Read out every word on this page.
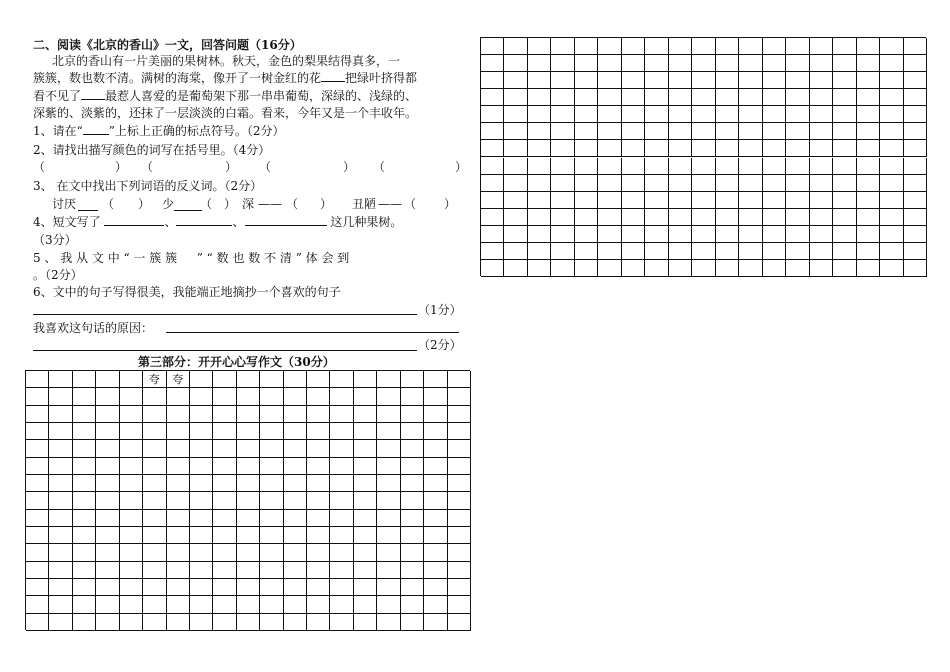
二、阅读《北京的香山》一文，回答问题（16分）
北京的香山有一片美丽的果树林。秋天，金色的梨果结得真多，一
簇簇，数也数不清。满树的海棠，像开了一树金红的花 把绿叶挤得都
看不见了 最惹人喜爱的是葡萄架下那一串串葡萄，深绿的、浅绿的、
深紫的、淡紫的，还抹了一层淡淡的白霜。看来，今年又是一个丰收年。
1、请在“ ”上标上正确的标点符号。（2分）
2、请找出描写颜色的词写在括号里。（4分）
（	） （	） （	） （	）
3、 在文中找出下列词语的反义词。（2分）
讨厌 （ ） 少 （ ） 深 —— （ ） 丑陋 —— （ ）
4、短文写了	、	、	这几种果树。
（3分）
5 、 我 从 文 中 “ 一 簇 簇 　 ” “ 数 也 数 不 清 ” 体 会 到
。（2分）
6、文中的句子写得很美，我能端正地摘抄一个喜欢的句子
（1分）
我喜欢这句话的原因：
（2分）
第三部分：开开心心写作文（30分）
夸	夸
